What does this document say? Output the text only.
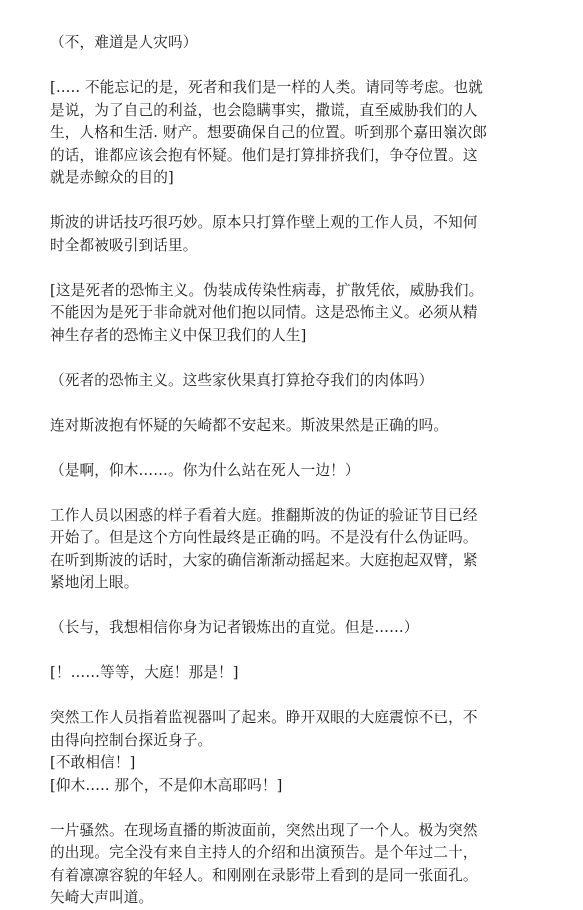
（不，难道是人灾吗）

[….. 不能忘记的是，死者和我们是一样的人类。请同等考虑。也就

是说，为了自己的利益，也会隐瞒事实，撒谎，直至威胁我们的人

生，人格和生活. 财产。想要确保自己的位置。听到那个嘉田嶺次郎

的话，谁都应该会抱有怀疑。他们是打算排挤我们，争夺位置。这

就是赤鲸众的目的]

斯波的讲话技巧很巧妙。原本只打算作壁上观的工作人员，不知何

时全都被吸引到话里。

[这是死者的恐怖主义。伪装成传染性病毒，扩散凭依，威胁我们。

不能因为是死于非命就对他们抱以同情。这是恐怖主义。必须从精

神生存者的恐怖主义中保卫我们的人生]

（死者的恐怖主义。这些家伙果真打算抢夺我们的肉体吗）

连对斯波抱有怀疑的矢崎都不安起来。斯波果然是正确的吗。

（是啊，仰木……。你为什么站在死人一边！）

工作人员以困惑的样子看着大庭。推翻斯波的伪证的验证节目已经

开始了。但是这个方向性最终是正确的吗。不是没有什么伪证吗。

在听到斯波的话时，大家的确信渐渐动摇起来。大庭抱起双臂，紧

紧地闭上眼。

（长与，我想相信你身为记者锻炼出的直觉。但是……）

[！……等等，大庭！那是！]

突然工作人员指着监视器叫了起来。睁开双眼的大庭震惊不已，不

由得向控制台探近身子。

[不敢相信！]

[仰木….. 那个，不是仰木高耶吗！]

一片骚然。在现场直播的斯波面前，突然出现了一个人。极为突然

的出现。完全没有来自主持人的介绍和出演预告。是个年过二十，

有着凛凛容貌的年轻人。和刚刚在录影带上看到的是同一张面孔。

矢崎大声叫道。
